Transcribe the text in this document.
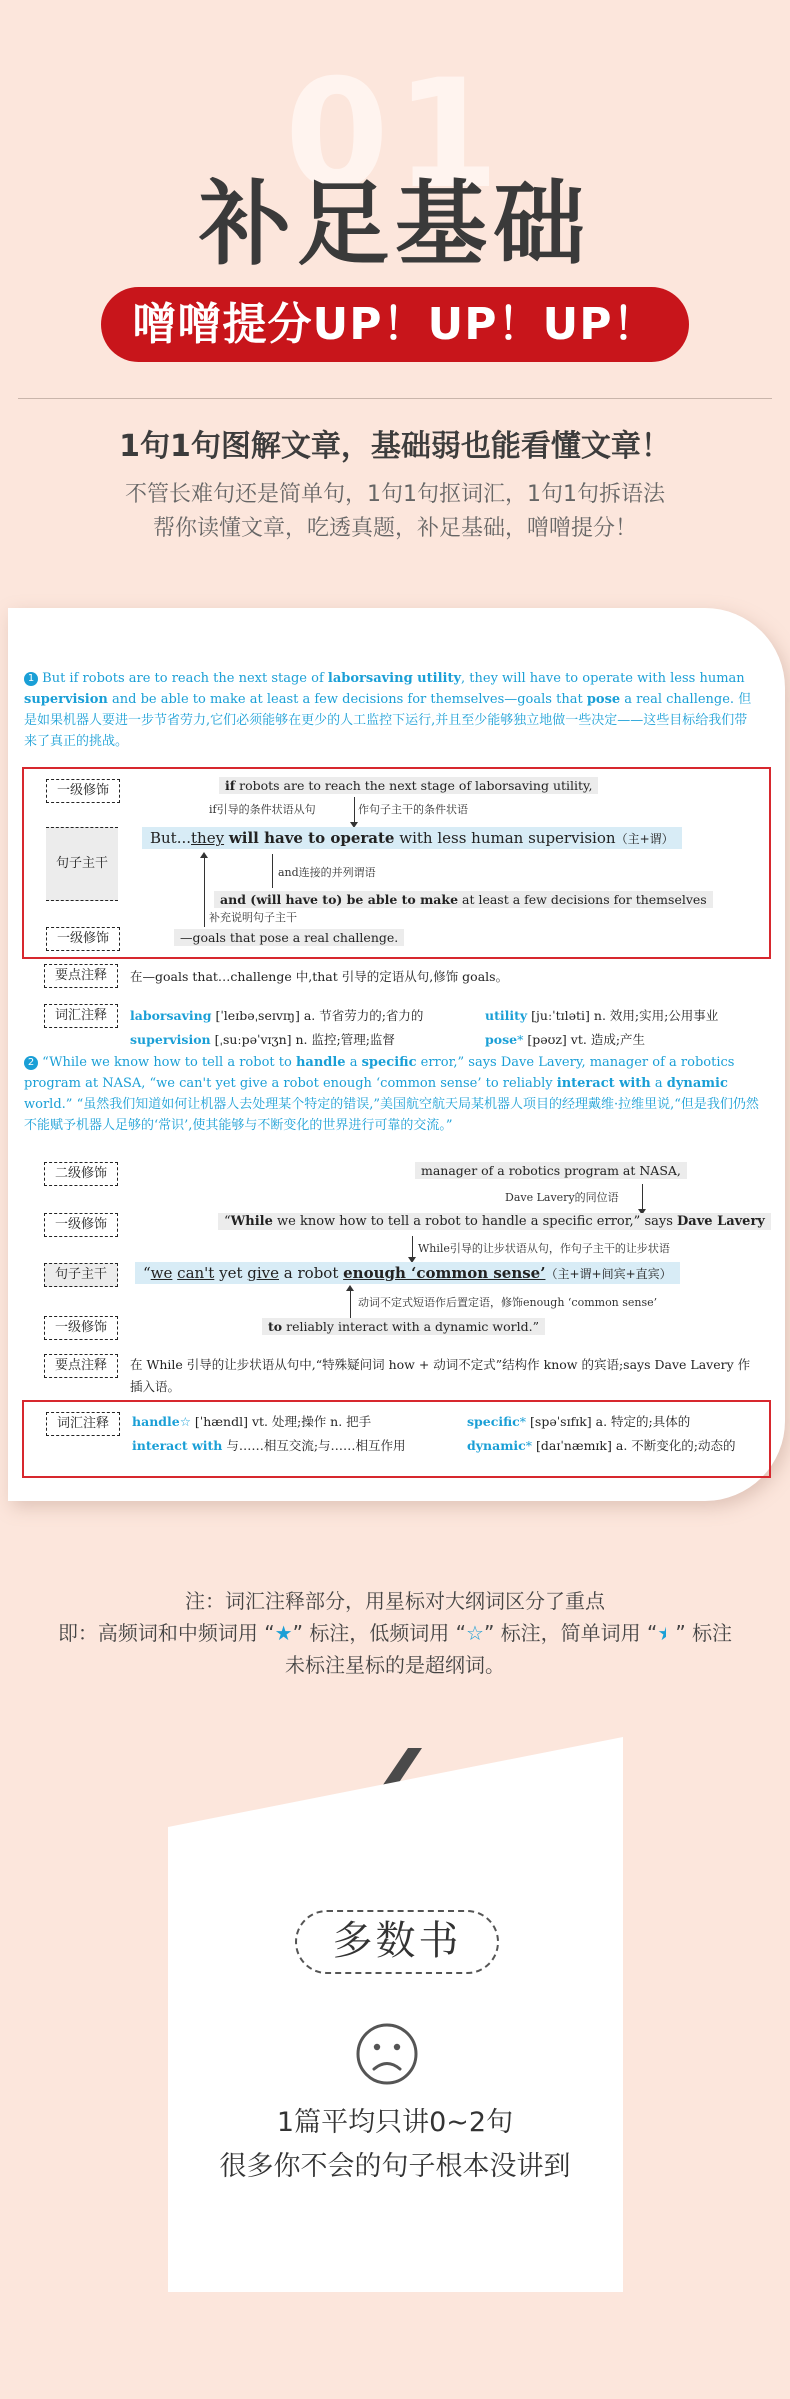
01
补足基础
噌噌提分UP！UP！UP！
1句1句图解文章，基础弱也能看懂文章！
不管长难句还是简单句，1句1句抠词汇，1句1句拆语法
帮你读懂文章，吃透真题，补足基础，噌噌提分！
1 But if robots are to reach the next stage of laborsaving utility, they will have to operate with less human supervision and be able to make at least a few decisions for themselves—goals that pose a real challenge. 但是如果机器人要进一步节省劳力,它们必须能够在更少的人工监控下运行,并且至少能够独立地做一些决定——这些目标给我们带来了真正的挑战。
一级修饰
句子主干
一级修饰
if robots are to reach the next stage of laborsaving utility,
if引导的条件状语从句	作句子主干的条件状语
But...they will have to operate with less human supervision（主+谓）
and连接的并列谓语
and (will have to) be able to make at least a few decisions for themselves
补充说明句子主干
—goals that pose a real challenge.
要点注释	在—goals that…challenge 中,that 引导的定语从句,修饰 goals。
词汇注释	laborsaving [ˈleɪbəˌseɪvɪŋ] a. 节省劳力的;省力的	utility [juːˈtɪləti] n. 效用;实用;公用事业
supervision [ˌsuːpəˈvɪʒn] n. 监控;管理;监督	pose* [pəʊz] vt. 造成;产生
2 “While we know how to tell a robot to handle a specific error,” says Dave Lavery, manager of a robotics program at NASA, “we can't yet give a robot enough ‘common sense’ to reliably interact with a dynamic world.” “虽然我们知道如何让机器人去处理某个特定的错误,”美国航空航天局某机器人项目的经理戴维·拉维里说,“但是我们仍然不能赋予机器人足够的‘常识’,使其能够与不断变化的世界进行可靠的交流。”
二级修饰	manager of a robotics program at NASA,
Dave Lavery的同位语
一级修饰	“While we know how to tell a robot to handle a specific error,” says Dave Lavery
While引导的让步状语从句，作句子主干的让步状语
句子主干	“we can't yet give a robot enough ‘common sense’（主+谓+间宾+直宾）
动词不定式短语作后置定语，修饰enough ‘common sense’
一级修饰	to reliably interact with a dynamic world.”
要点注释	在 While 引导的让步状语从句中,“特殊疑问词 how + 动词不定式”结构作 know 的宾语;says Dave Lavery 作插入语。
词汇注释	handle☆ [ˈhændl] vt. 处理;操作 n. 把手	specific* [spəˈsɪfɪk] a. 特定的;具体的
interact with 与……相互交流;与……相互作用	dynamic* [daɪˈnæmɪk] a. 不断变化的;动态的
注：词汇注释部分，用星标对大纲词区分了重点
即：高频词和中频词用 “★” 标注，低频词用 “☆” 标注，简单词用 “★” 标注
未标注星标的是超纲词。
多数书
1篇平均只讲0~2句
很多你不会的句子根本没讲到
